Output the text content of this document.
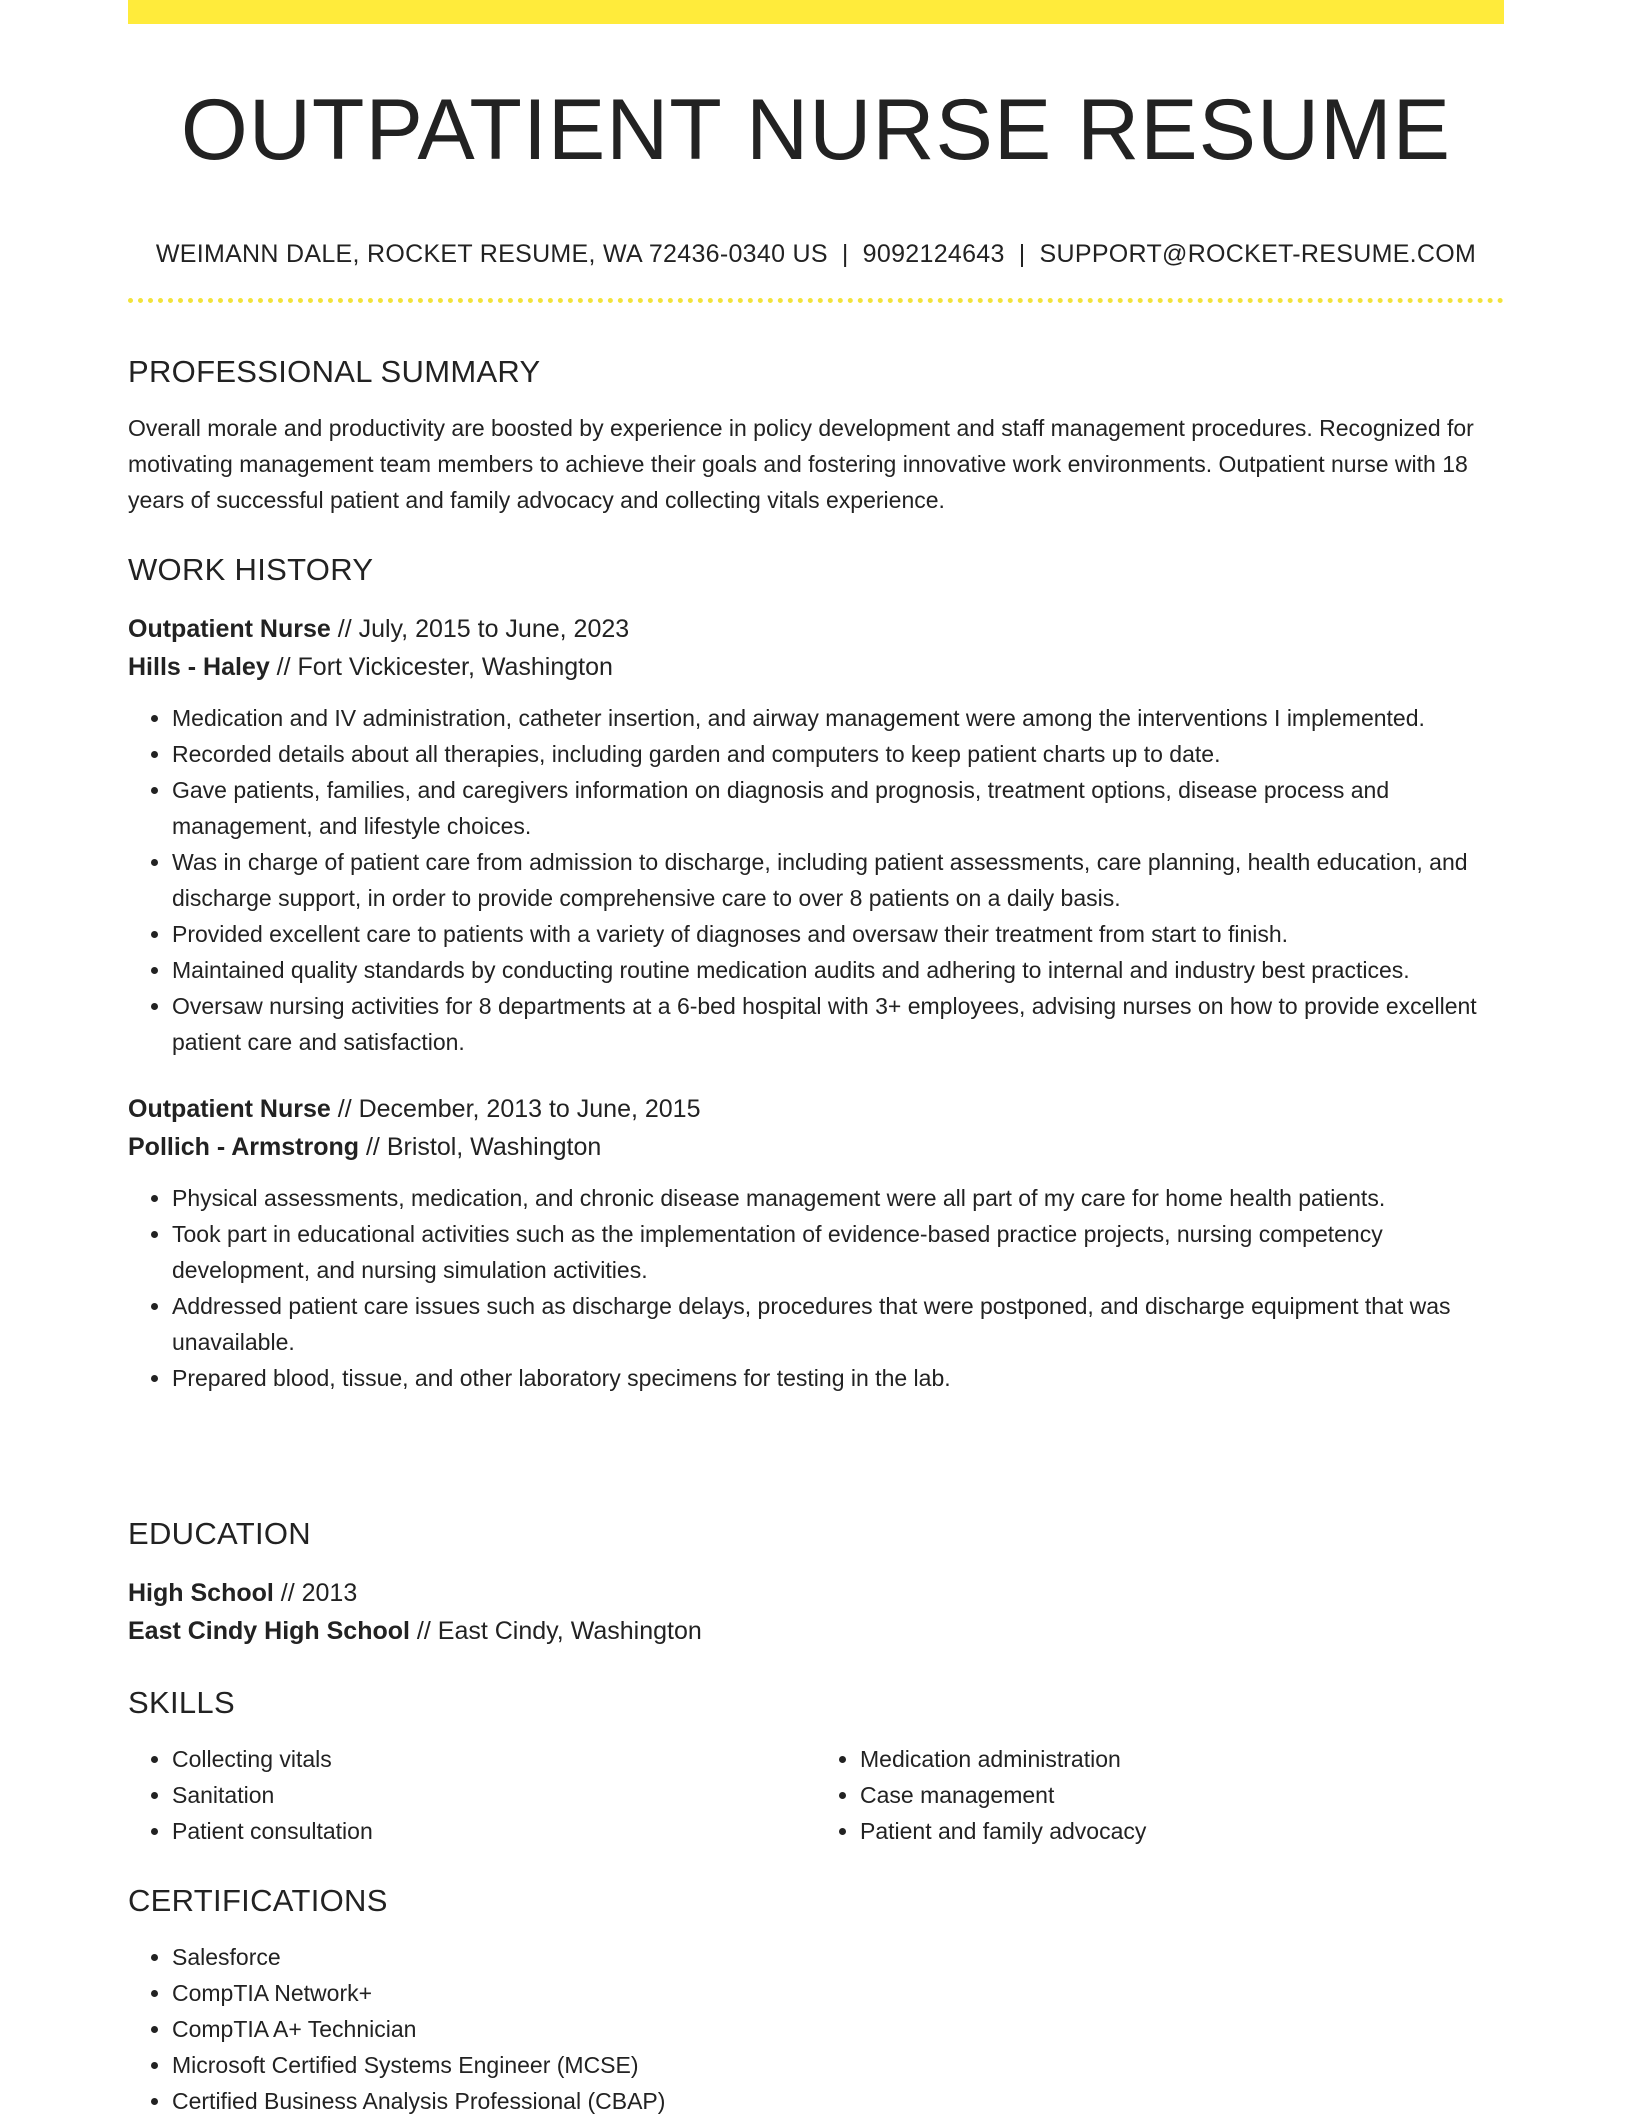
OUTPATIENT NURSE RESUME
WEIMANN DALE, ROCKET RESUME, WA 72436-0340 US | 9092124643 | SUPPORT@ROCKET-RESUME.COM
PROFESSIONAL SUMMARY

Overall morale and productivity are boosted by experience in policy development and staff management procedures. Recognized for motivating management team members to achieve their goals and fostering innovative work environments. Outpatient nurse with 18 years of successful patient and family advocacy and collecting vitals experience.

WORK HISTORY

Outpatient Nurse // July, 2015 to June, 2023

Hills - Haley // Fort Vickicester, Washington

• Medication and IV administration, catheter insertion, and airway management were among the interventions I implemented.
• Recorded details about all therapies, including garden and computers to keep patient charts up to date.
• Gave patients, families, and caregivers information on diagnosis and prognosis, treatment options, disease process and management, and lifestyle choices.
• Was in charge of patient care from admission to discharge, including patient assessments, care planning, health education, and discharge support, in order to provide comprehensive care to over 8 patients on a daily basis.
• Provided excellent care to patients with a variety of diagnoses and oversaw their treatment from start to finish.
• Maintained quality standards by conducting routine medication audits and adhering to internal and industry best practices.
• Oversaw nursing activities for 8 departments at a 6-bed hospital with 3+ employees, advising nurses on how to provide excellent patient care and satisfaction.

Outpatient Nurse // December, 2013 to June, 2015

Pollich - Armstrong // Bristol, Washington

• Physical assessments, medication, and chronic disease management were all part of my care for home health patients.
• Took part in educational activities such as the implementation of evidence-based practice projects, nursing competency development, and nursing simulation activities.
• Addressed patient care issues such as discharge delays, procedures that were postponed, and discharge equipment that was unavailable.
• Prepared blood, tissue, and other laboratory specimens for testing in the lab.
EDUCATION

High School // 2013

East Cindy High School // East Cindy, Washington

SKILLS
• Collecting vitals
• Sanitation
• Patient consultation
• Medication administration
• Case management
• Patient and family advocacy
CERTIFICATIONS
• Salesforce
• CompTIA Network+
• CompTIA A+ Technician
• Microsoft Certified Systems Engineer (MCSE)
• Certified Business Analysis Professional (CBAP)
